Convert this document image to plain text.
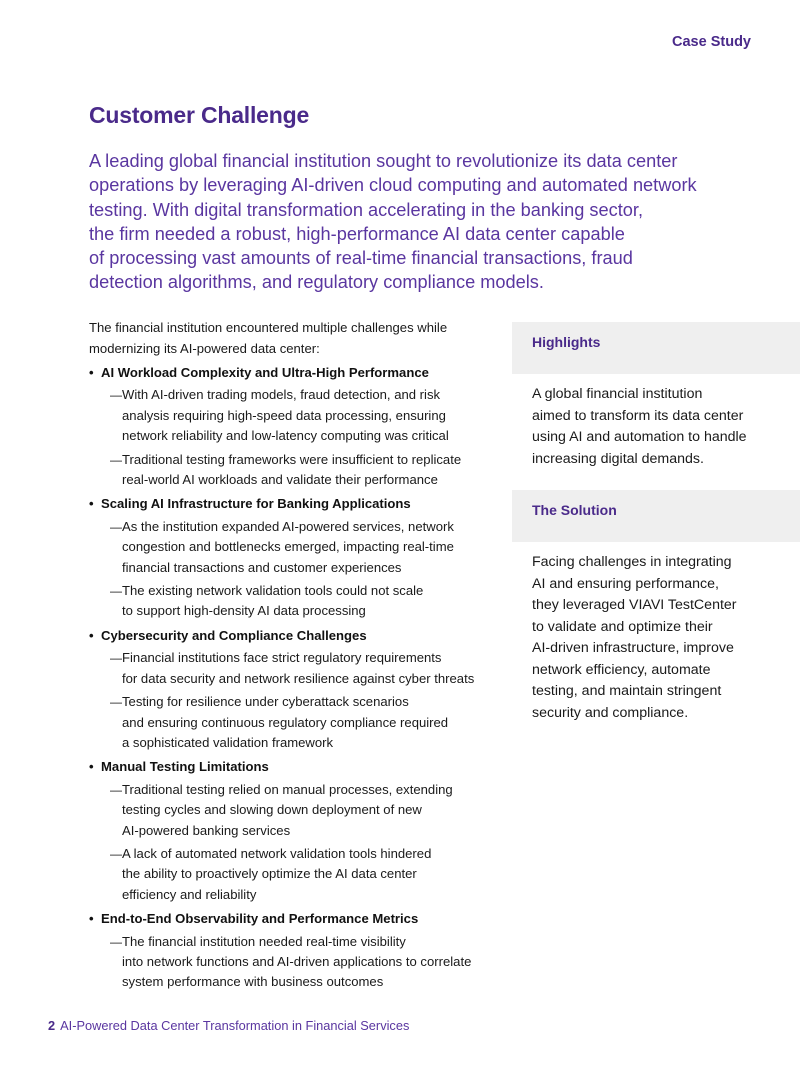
Case Study
Customer Challenge

A leading global financial institution sought to revolutionize its data center
operations by leveraging AI-driven cloud computing and automated network
testing. With digital transformation accelerating in the banking sector,
the firm needed a robust, high-performance AI data center capable
of processing vast amounts of real-time financial transactions, fraud
detection algorithms, and regulatory compliance models.

The financial institution encountered multiple challenges while
modernizing its AI-powered data center:

• AI Workload Complexity and Ultra-High Performance
— With AI-driven trading models, fraud detection, and risk
analysis requiring high-speed data processing, ensuring
network reliability and low-latency computing was critical
— Traditional testing frameworks were insufficient to replicate
real-world AI workloads and validate their performance
• Scaling AI Infrastructure for Banking Applications
— As the institution expanded AI-powered services, network
congestion and bottlenecks emerged, impacting real-time
financial transactions and customer experiences
— The existing network validation tools could not scale
to support high-density AI data processing
• Cybersecurity and Compliance Challenges
— Financial institutions face strict regulatory requirements
for data security and network resilience against cyber threats
— Testing for resilience under cyberattack scenarios
and ensuring continuous regulatory compliance required
a sophisticated validation framework
• Manual Testing Limitations
— Traditional testing relied on manual processes, extending
testing cycles and slowing down deployment of new
AI-powered banking services
— A lack of automated network validation tools hindered
the ability to proactively optimize the AI data center
efficiency and reliability
• End-to-End Observability and Performance Metrics
— The financial institution needed real-time visibility
into network functions and AI-driven applications to correlate
system performance with business outcomes
Highlights
A global financial institution
aimed to transform its data center
using AI and automation to handle
increasing digital demands.
The Solution
Facing challenges in integrating
AI and ensuring performance,
they leveraged VIAVI TestCenter
to validate and optimize their
AI-driven infrastructure, improve
network efficiency, automate
testing, and maintain stringent
security and compliance.
2 AI-Powered Data Center Transformation in Financial Services
